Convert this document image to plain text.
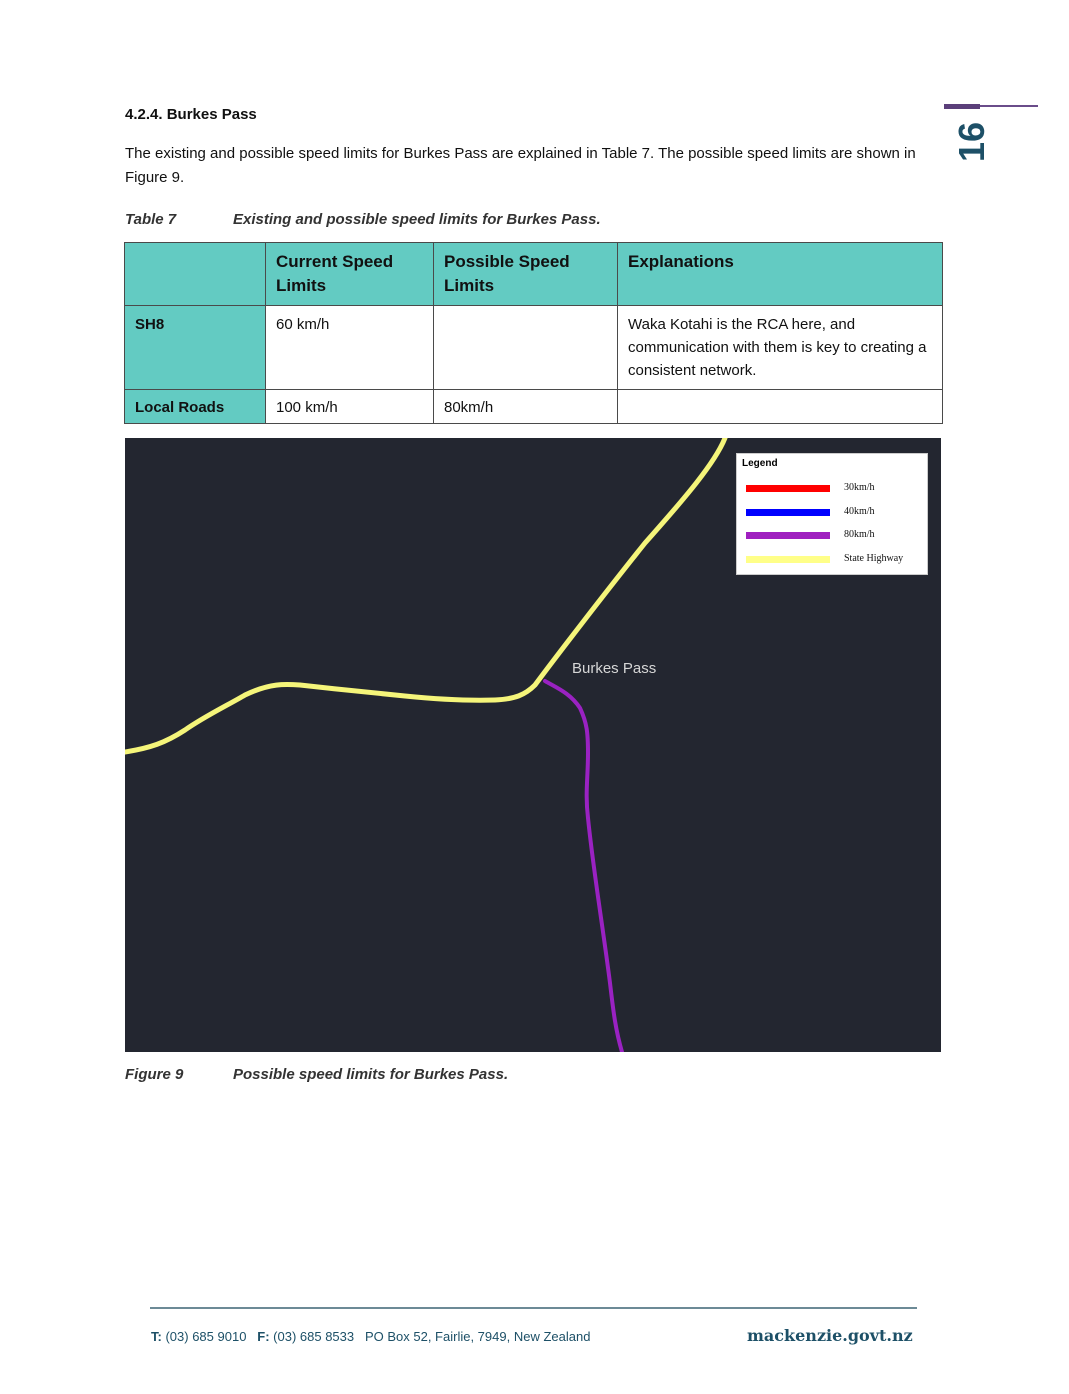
16
4.2.4. Burkes Pass
The existing and possible speed limits for Burkes Pass are explained in Table 7. The possible speed limits are shown in Figure 9.
Table 7	Existing and possible speed limits for Burkes Pass.
	Current Speed Limits	Possible Speed Limits	Explanations
SH8	60 km/h		Waka Kotahi is the RCA here, and communication with them is key to creating a consistent network.
Local Roads	100 km/h	80km/h	
Burkes Pass
Legend
30km/h
40km/h
80km/h
State Highway
Figure 9	Possible speed limits for Burkes Pass.
T: (03) 685 9010 F: (03) 685 8533 PO Box 52, Fairlie, 7949, New Zealand	mackenzie.govt.nz
